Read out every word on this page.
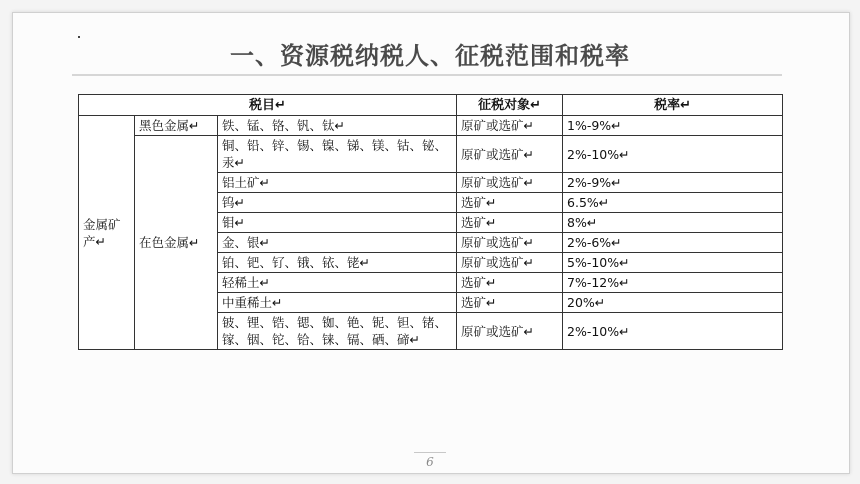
一、资源税纳税人、征税范围和税率
税目↵			征税对象↵	税率↵
金属矿产↵	黑色金属↵	铁、锰、铬、钒、钛↵	原矿或选矿↵	1%-9%↵
	在色金属↵	铜、铅、锌、锡、镍、锑、镁、钴、铋、汞↵	原矿或选矿↵	2%-10%↵
		铝土矿↵	原矿或选矿↵	2%-9%↵
		钨↵	选矿↵	6.5%↵
		钼↵	选矿↵	8%↵
		金、银↵	原矿或选矿↵	2%-6%↵
		铂、钯、钌、锇、铱、铑↵	原矿或选矿↵	5%-10%↵
		轻稀土↵	选矿↵	7%-12%↵
		中重稀土↵	选矿↵	20%↵
		铍、锂、锆、锶、铷、铯、铌、钽、锗、镓、铟、铊、铪、铼、镉、硒、碲↵	原矿或选矿↵	2%-10%↵
6
